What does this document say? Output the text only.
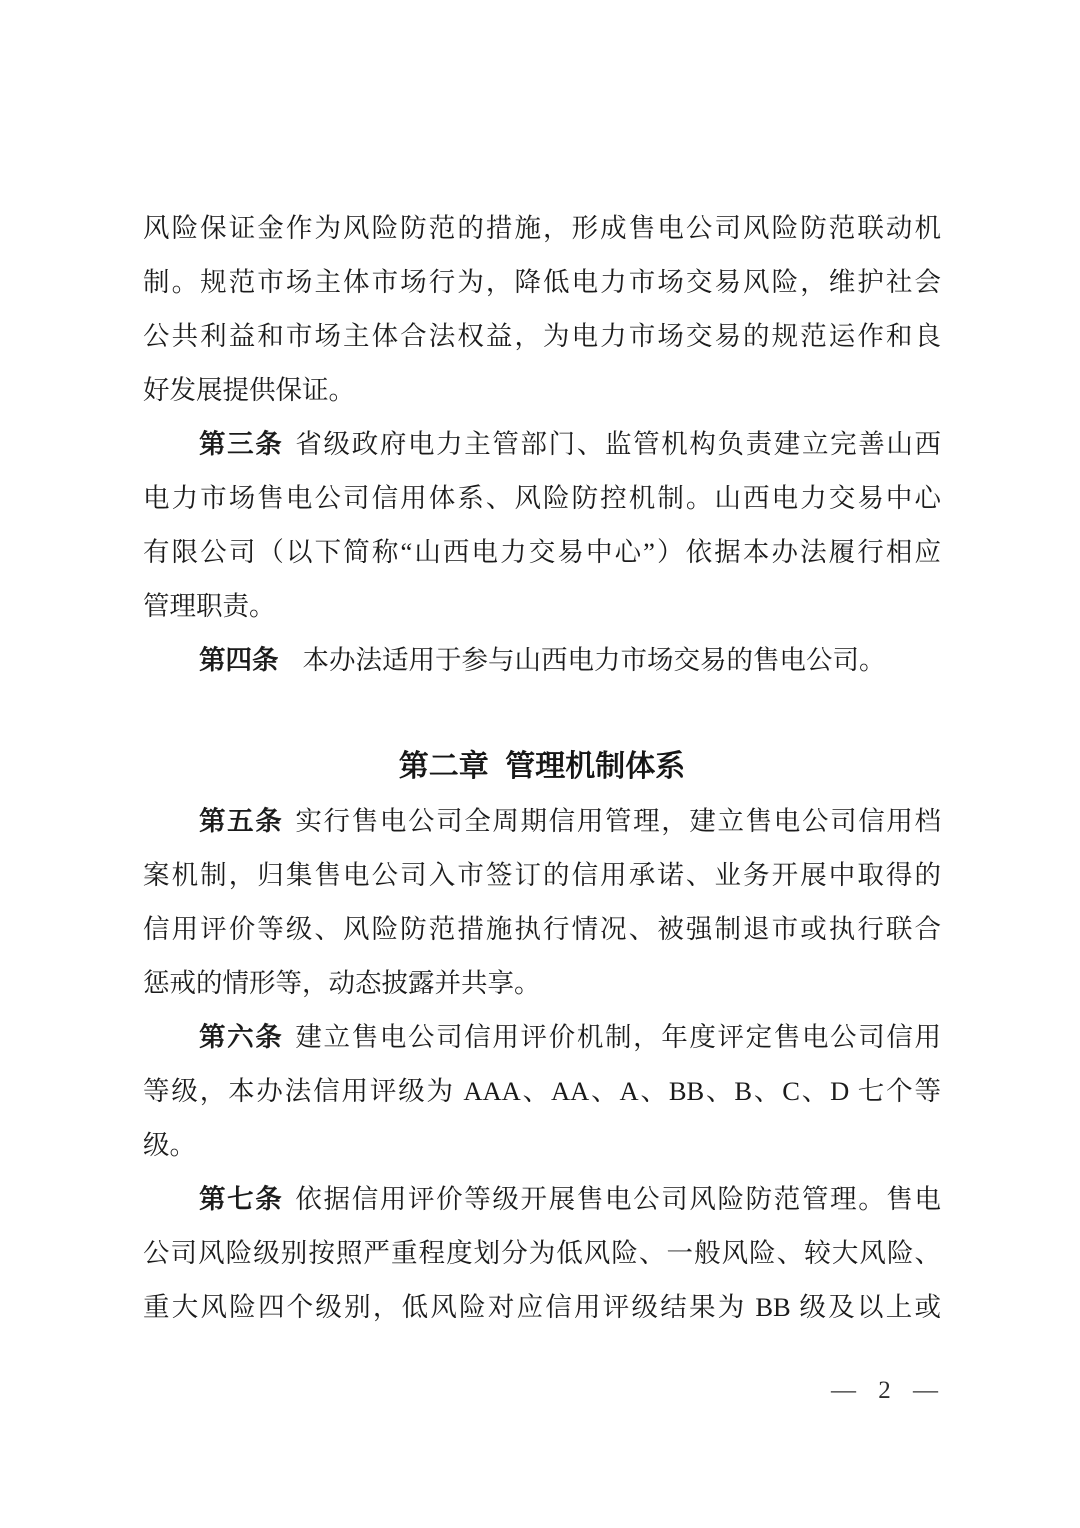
风险保证金作为风险防范的措施，形成售电公司风险防范联动机
制。规范市场主体市场行为，降低电力市场交易风险，维护社会
公共利益和市场主体合法权益，为电力市场交易的规范运作和良
好发展提供保证。
第三条 省级政府电力主管部门、监管机构负责建立完善山西
电力市场售电公司信用体系、风险防控机制。山西电力交易中心
有限公司（以下简称“山西电力交易中心”）依据本办法履行相应
管理职责。
第四条 本办法适用于参与山西电力市场交易的售电公司。
第二章 管理机制体系
第五条 实行售电公司全周期信用管理，建立售电公司信用档
案机制，归集售电公司入市签订的信用承诺、业务开展中取得的
信用评价等级、风险防范措施执行情况、被强制退市或执行联合
惩戒的情形等，动态披露并共享。
第六条 建立售电公司信用评价机制，年度评定售电公司信用
等级，本办法信用评级为 AAA、AA、A、BB、B、C、D 七个等
级。
第七条 依据信用评价等级开展售电公司风险防范管理。售电
公司风险级别按照严重程度划分为低风险、一般风险、较大风险、
重大风险四个级别，低风险对应信用评级结果为 BB 级及以上或
— 2 —
